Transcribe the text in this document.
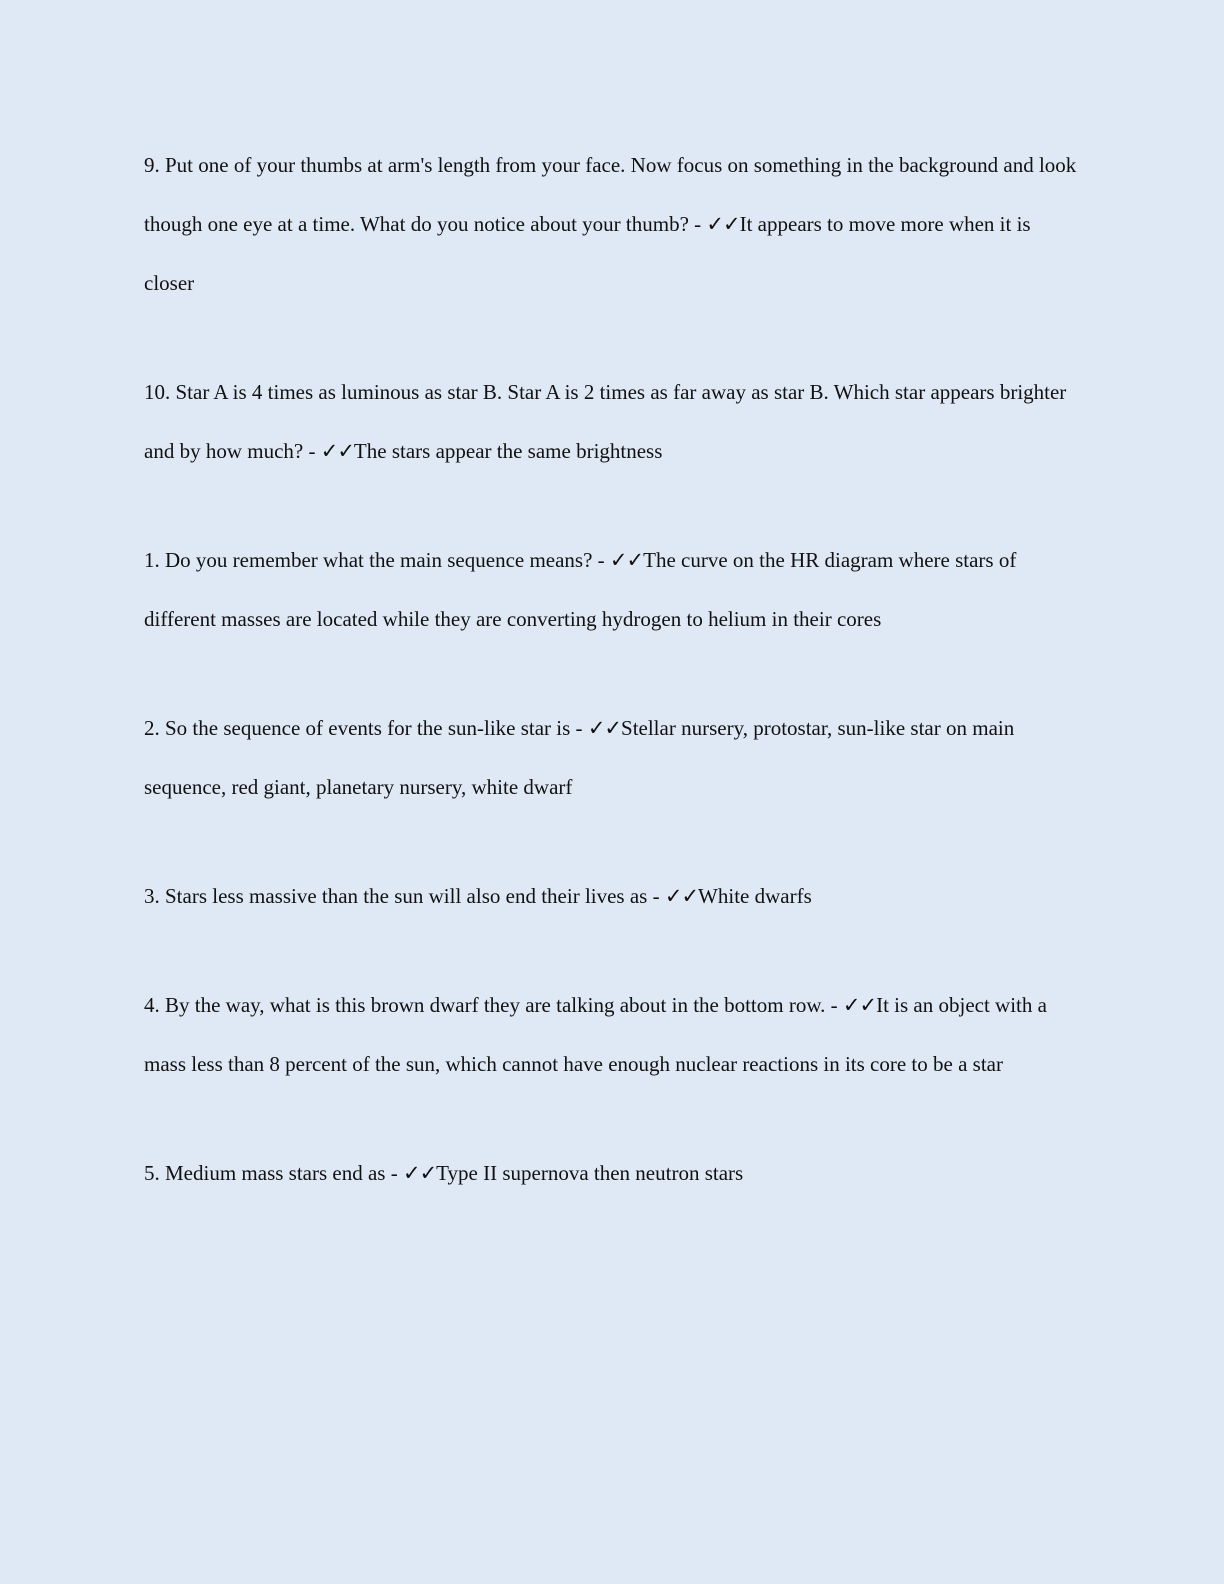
9. Put one of your thumbs at arm's length from your face. Now focus on something in the background and look though one eye at a time. What do you notice about your thumb? - ✓✓It appears to move more when it is closer

10. Star A is 4 times as luminous as star B. Star A is 2 times as far away as star B. Which star appears brighter and by how much? - ✓✓The stars appear the same brightness

1. Do you remember what the main sequence means? - ✓✓The curve on the HR diagram where stars of different masses are located while they are converting hydrogen to helium in their cores

2. So the sequence of events for the sun-like star is - ✓✓Stellar nursery, protostar, sun-like star on main sequence, red giant, planetary nursery, white dwarf

3. Stars less massive than the sun will also end their lives as - ✓✓White dwarfs

4. By the way, what is this brown dwarf they are talking about in the bottom row. - ✓✓It is an object with a mass less than 8 percent of the sun, which cannot have enough nuclear reactions in its core to be a star

5. Medium mass stars end as - ✓✓Type II supernova then neutron stars
